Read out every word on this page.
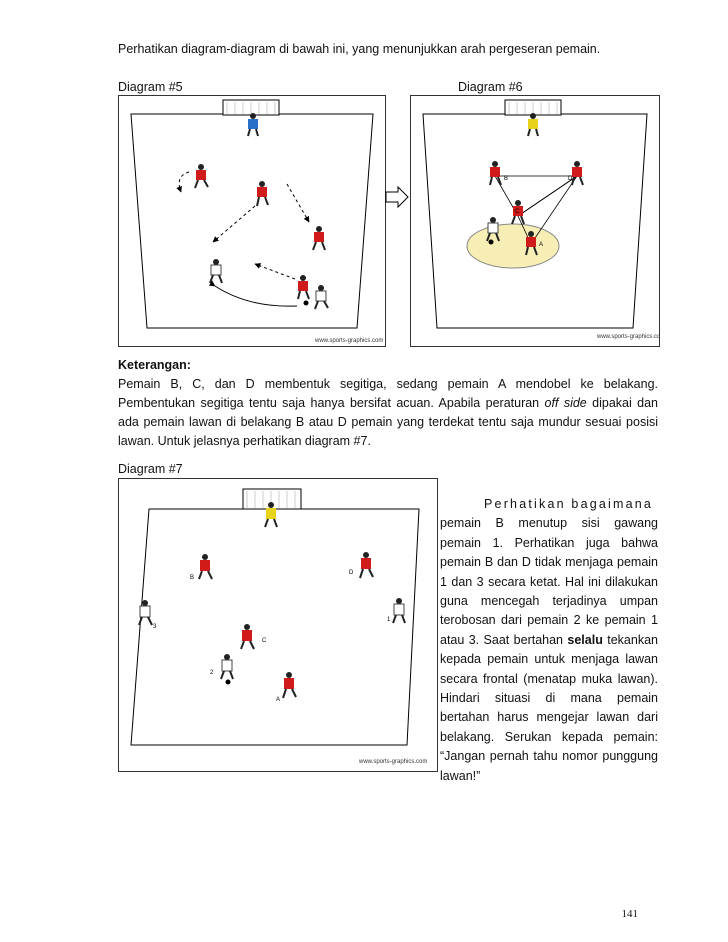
Perhatikan diagram-diagram di bawah ini, yang menunjukkan arah pergeseran pemain.
Diagram #5	Diagram #6
www.sports-graphics.com
B	D
C
A
www.sports-graphics.com

Keterangan:

Pemain B, C, dan D membentuk segitiga, sedang pemain A mendobel ke belakang.

Pembentukan segitiga tentu saja hanya bersifat acuan. Apabila peraturan off side dipakai dan ada pemain lawan di belakang B atau D pemain yang terdekat tentu saja mundur sesuai posisi lawan. Untuk jelasnya perhatikan diagram #7.

Diagram #7
D
B
1
3
C
2
A
www.sports-graphics.com
Perhatikan bagaimana
pemain B menutup sisi gawang pemain 1. Perhatikan juga bahwa pemain B dan D tidak menjaga pemain 1 dan 3 secara ketat. Hal ini dilakukan guna mencegah terjadinya umpan terobosan dari pemain 2 ke pemain 1 atau 3. Saat bertahan selalu tekankan kepada pemain untuk menjaga lawan secara frontal (menatap muka lawan). Hindari situasi di mana pemain bertahan harus mengejar lawan dari belakang. Serukan kepada pemain: “Jangan pernah tahu nomor punggung lawan!”
141
